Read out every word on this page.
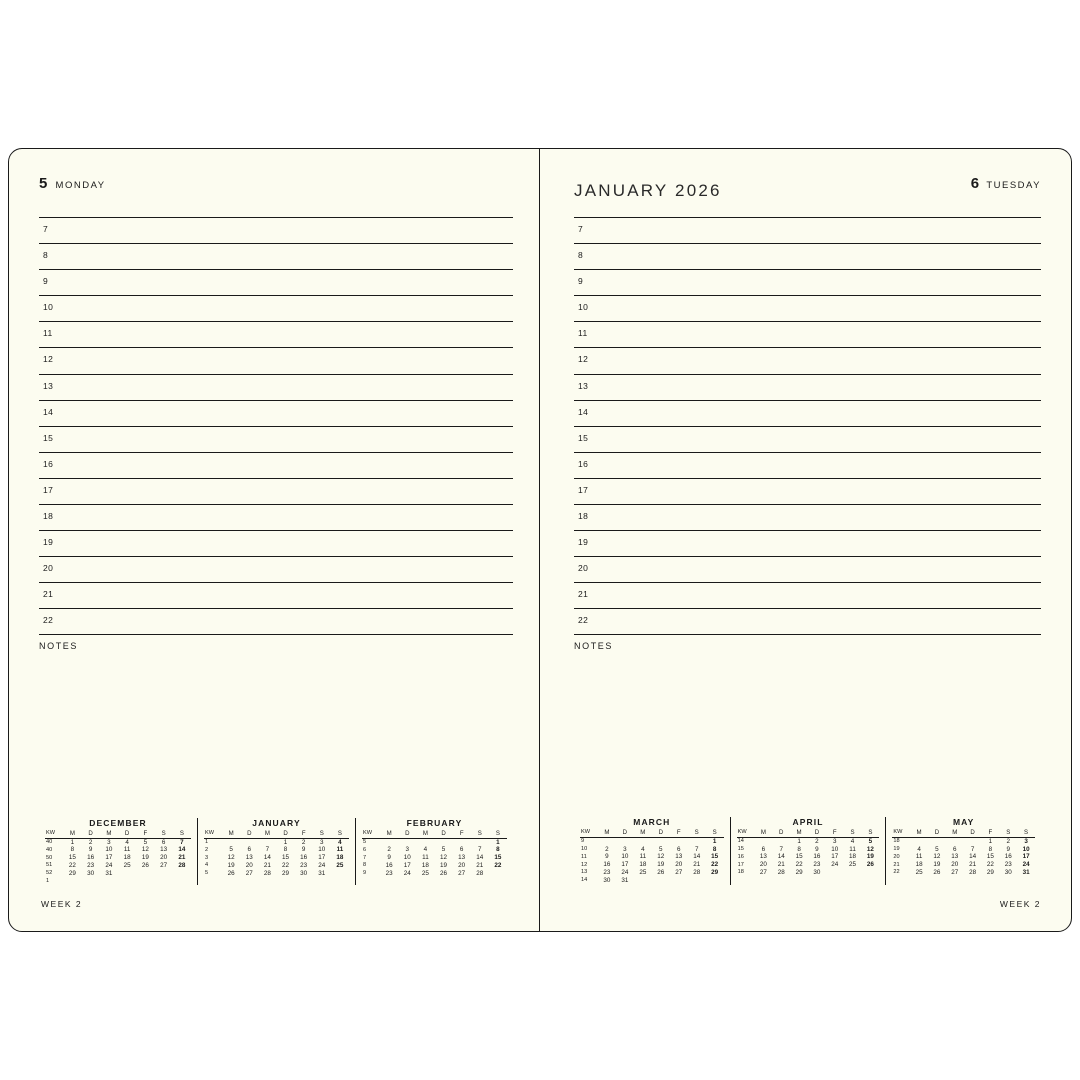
5 MONDAY
7
8
9
10
11
12
13
14
15
16
17
18
19
20
21
22
NOTES
DECEMBER
KW	M	D	M	D	F	S	S
40	1	2	3	4	5	6	7
40	8	9	10	11	12	13	14
50	15	16	17	18	19	20	21
51	22	23	24	25	26	27	28
52	29	30	31				
1							
JANUARY
KW	M	D	M	D	F	S	S
1				1	2	3	4
2	5	6	7	8	9	10	11
3	12	13	14	15	16	17	18
4	19	20	21	22	23	24	25
5	26	27	28	29	30	31	
FEBRUARY
KW	M	D	M	D	F	S	S
5							1
6	2	3	4	5	6	7	8
7	9	10	11	12	13	14	15
8	16	17	18	19	20	21	22
9	23	24	25	26	27	28	
WEEK 2
6 TUESDAY
JANUARY 2026
7
8
9
10
11
12
13
14
15
16
17
18
19
20
21
22
NOTES
MARCH
KW	M	D	M	D	F	S	S
9							1
10	2	3	4	5	6	7	8
11	9	10	11	12	13	14	15
12	16	17	18	19	20	21	22
13	23	24	25	26	27	28	29
14	30	31					
APRIL
KW	M	D	M	D	F	S	S
14			1	2	3	4	5
15	6	7	8	9	10	11	12
16	13	14	15	16	17	18	19
17	20	21	22	23	24	25	26
18	27	28	29	30			
MAY
KW	M	D	M	D	F	S	S
18					1	2	3
19	4	5	6	7	8	9	10
20	11	12	13	14	15	16	17
21	18	19	20	21	22	23	24
22	25	26	27	28	29	30	31
WEEK 2
